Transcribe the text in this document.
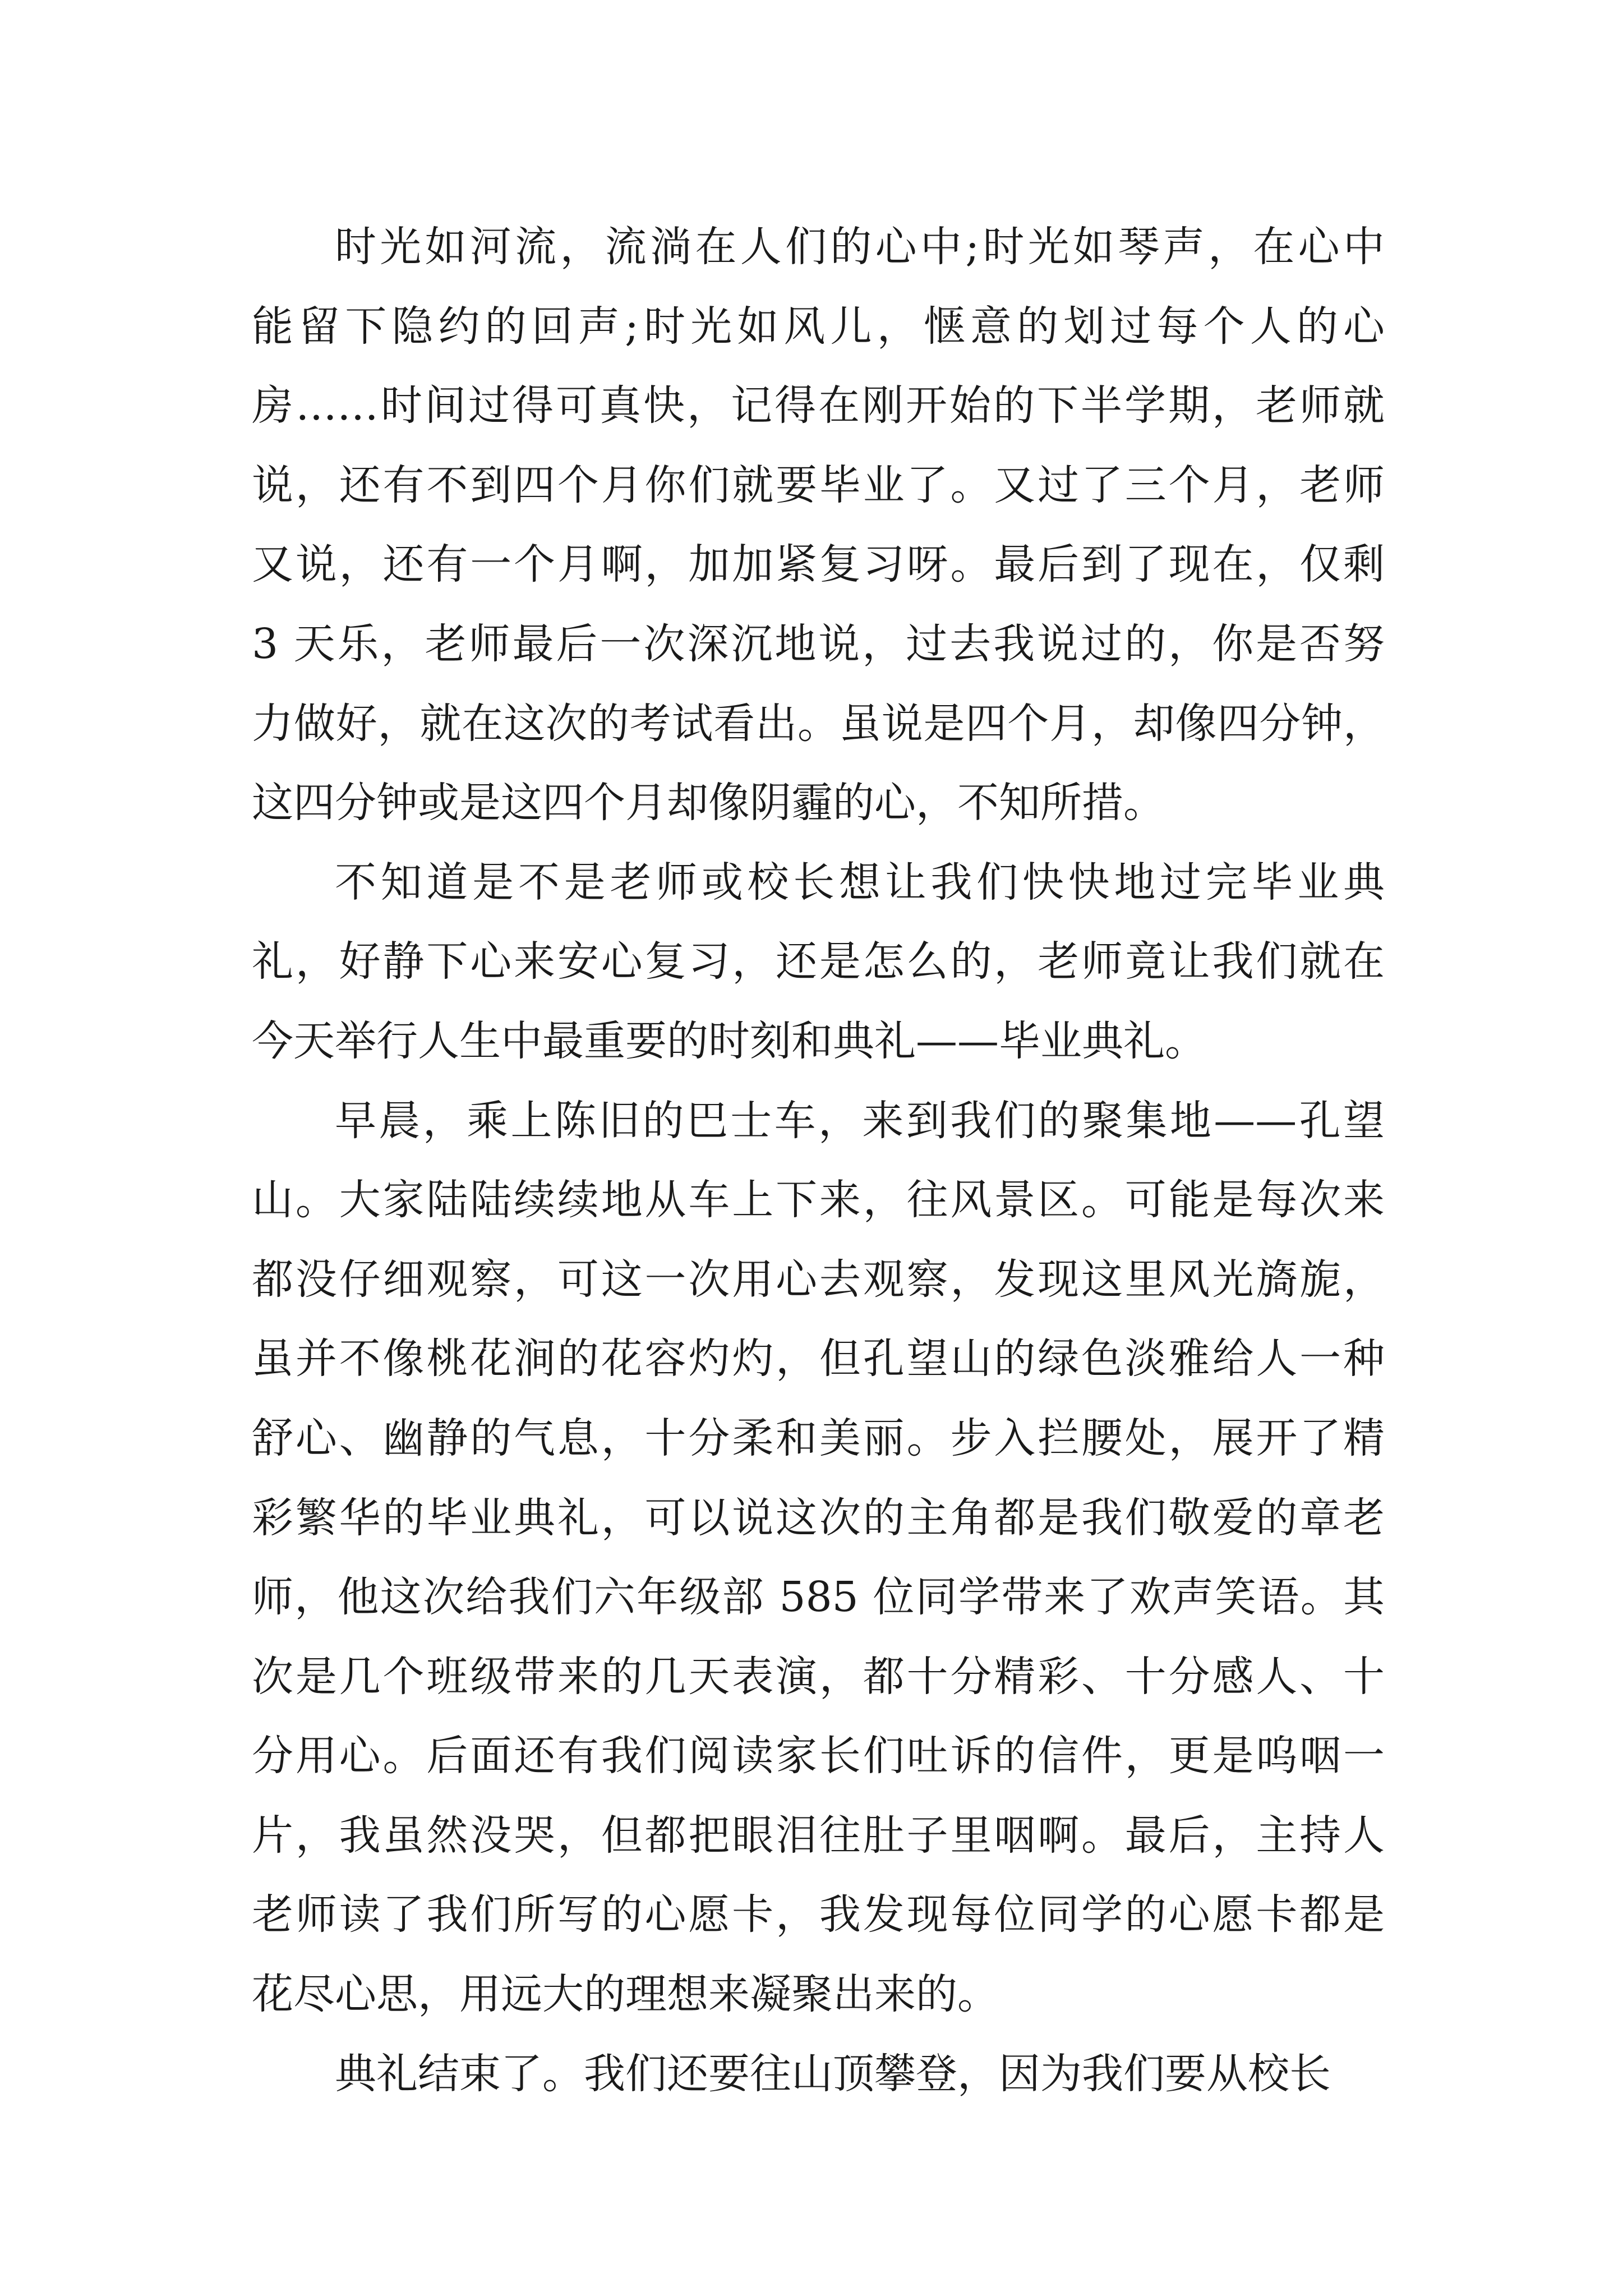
时光如河流，流淌在人们的心中;时光如琴声，在心中
能留下隐约的回声;时光如风儿，惬意的划过每个人的心
房……时间过得可真快，记得在刚开始的下半学期，老师就
说，还有不到四个月你们就要毕业了。又过了三个月，老师
又说，还有一个月啊，加加紧复习呀。最后到了现在，仅剩
3 天乐，老师最后一次深沉地说，过去我说过的，你是否努
力做好，就在这次的考试看出。虽说是四个月，却像四分钟，
这四分钟或是这四个月却像阴霾的心，不知所措。
不知道是不是老师或校长想让我们快快地过完毕业典
礼，好静下心来安心复习，还是怎么的，老师竟让我们就在
今天举行人生中最重要的时刻和典礼——毕业典礼。
早晨，乘上陈旧的巴士车，来到我们的聚集地——孔望
山。大家陆陆续续地从车上下来，往风景区。可能是每次来
都没仔细观察，可这一次用心去观察，发现这里风光旖旎，
虽并不像桃花涧的花容灼灼，但孔望山的绿色淡雅给人一种
舒心、幽静的气息，十分柔和美丽。步入拦腰处，展开了精
彩繁华的毕业典礼，可以说这次的主角都是我们敬爱的章老
师，他这次给我们六年级部 585 位同学带来了欢声笑语。其
次是几个班级带来的几天表演，都十分精彩、十分感人、十
分用心。后面还有我们阅读家长们吐诉的信件，更是呜咽一
片，我虽然没哭，但都把眼泪往肚子里咽啊。最后，主持人
老师读了我们所写的心愿卡，我发现每位同学的心愿卡都是
花尽心思，用远大的理想来凝聚出来的。
典礼结束了。我们还要往山顶攀登，因为我们要从校长
